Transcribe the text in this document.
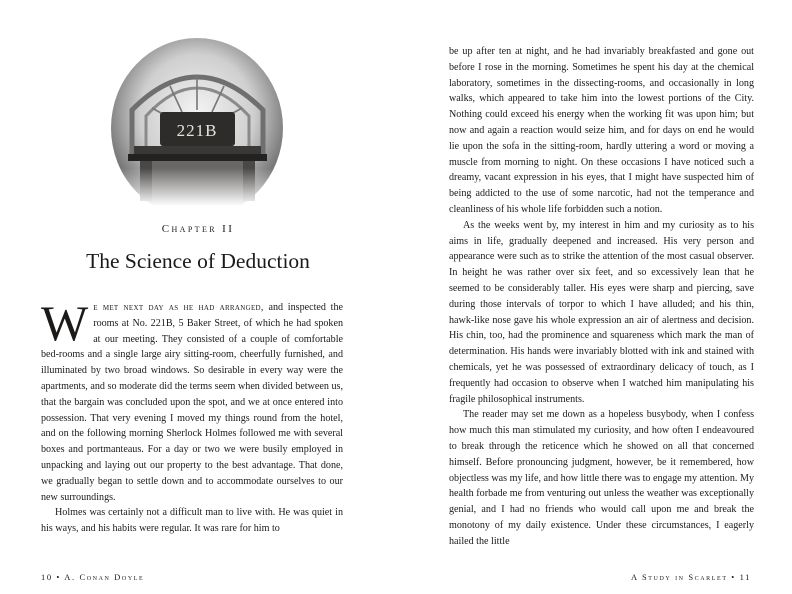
221B
Chapter II
The Science of Deduction

We met next day as he had arranged, and inspected the rooms at No. 221B, 5 Baker Street, of which he had spoken at our meeting. They consisted of a couple of comfortable bed-rooms and a single large airy sitting-room, cheerfully furnished, and illuminated by two broad windows. So desirable in every way were the apartments, and so moderate did the terms seem when divided between us, that the bargain was concluded upon the spot, and we at once entered into possession. That very evening I moved my things round from the hotel, and on the following morning Sherlock Holmes followed me with several boxes and portmanteaus. For a day or two we were busily employed in unpacking and laying out our property to the best advantage. That done, we gradually began to settle down and to accommodate ourselves to our new surroundings.

Holmes was certainly not a difficult man to live with. He was quiet in his ways, and his habits were regular. It was rare for him to

10 • A. Conan Doyle

be up after ten at night, and he had invariably breakfasted and gone out before I rose in the morning. Sometimes he spent his day at the chemical laboratory, sometimes in the dissecting-rooms, and occasionally in long walks, which appeared to take him into the lowest portions of the City. Nothing could exceed his energy when the working fit was upon him; but now and again a reaction would seize him, and for days on end he would lie upon the sofa in the sitting-room, hardly uttering a word or moving a muscle from morning to night. On these occasions I have noticed such a dreamy, vacant expression in his eyes, that I might have suspected him of being addicted to the use of some narcotic, had not the temperance and cleanliness of his whole life forbidden such a notion.

As the weeks went by, my interest in him and my curiosity as to his aims in life, gradually deepened and increased. His very person and appearance were such as to strike the attention of the most casual observer. In height he was rather over six feet, and so excessively lean that he seemed to be considerably taller. His eyes were sharp and piercing, save during those intervals of torpor to which I have alluded; and his thin, hawk-like nose gave his whole expression an air of alertness and decision. His chin, too, had the prominence and squareness which mark the man of determination. His hands were invariably blotted with ink and stained with chemicals, yet he was possessed of extraordinary delicacy of touch, as I frequently had occasion to observe when I watched him manipulating his fragile philosophical instruments.

The reader may set me down as a hopeless busybody, when I confess how much this man stimulated my curiosity, and how often I endeavoured to break through the reticence which he showed on all that concerned himself. Before pronouncing judgment, however, be it remembered, how objectless was my life, and how little there was to engage my attention. My health forbade me from venturing out unless the weather was exceptionally genial, and I had no friends who would call upon me and break the monotony of my daily existence. Under these circumstances, I eagerly hailed the little

A Study in Scarlet • 11
